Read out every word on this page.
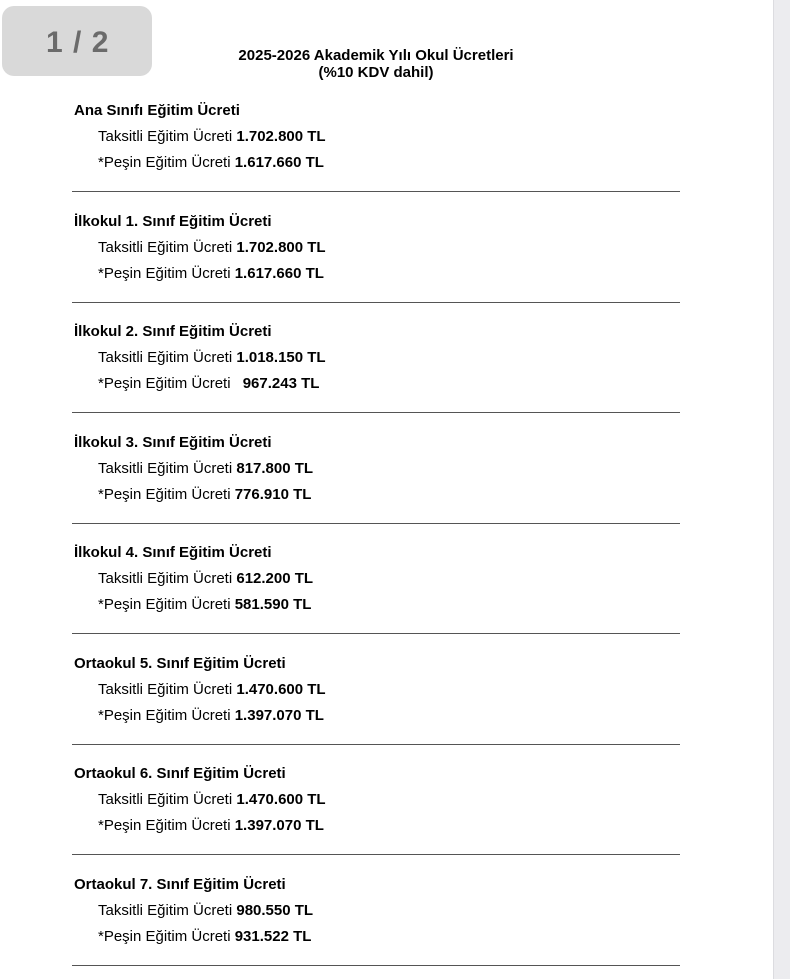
1 / 2	2025-2026 Akademik Yılı Okul Ücretleri
(%10 KDV dahil)
Ana Sınıfı Eğitim Ücreti
Taksitli Eğitim Ücreti 1.702.800 TL
*Peşin Eğitim Ücreti 1.617.660 TL
İlkokul 1. Sınıf Eğitim Ücreti
Taksitli Eğitim Ücreti 1.702.800 TL
*Peşin Eğitim Ücreti 1.617.660 TL
İlkokul 2. Sınıf Eğitim Ücreti
Taksitli Eğitim Ücreti 1.018.150 TL
*Peşin Eğitim Ücreti 967.243 TL
İlkokul 3. Sınıf Eğitim Ücreti
Taksitli Eğitim Ücreti 817.800 TL
*Peşin Eğitim Ücreti 776.910 TL
İlkokul 4. Sınıf Eğitim Ücreti
Taksitli Eğitim Ücreti 612.200 TL
*Peşin Eğitim Ücreti 581.590 TL
Ortaokul 5. Sınıf Eğitim Ücreti
Taksitli Eğitim Ücreti 1.470.600 TL
*Peşin Eğitim Ücreti 1.397.070 TL
Ortaokul 6. Sınıf Eğitim Ücreti
Taksitli Eğitim Ücreti 1.470.600 TL
*Peşin Eğitim Ücreti 1.397.070 TL
Ortaokul 7. Sınıf Eğitim Ücreti
Taksitli Eğitim Ücreti 980.550 TL
*Peşin Eğitim Ücreti 931.522 TL
